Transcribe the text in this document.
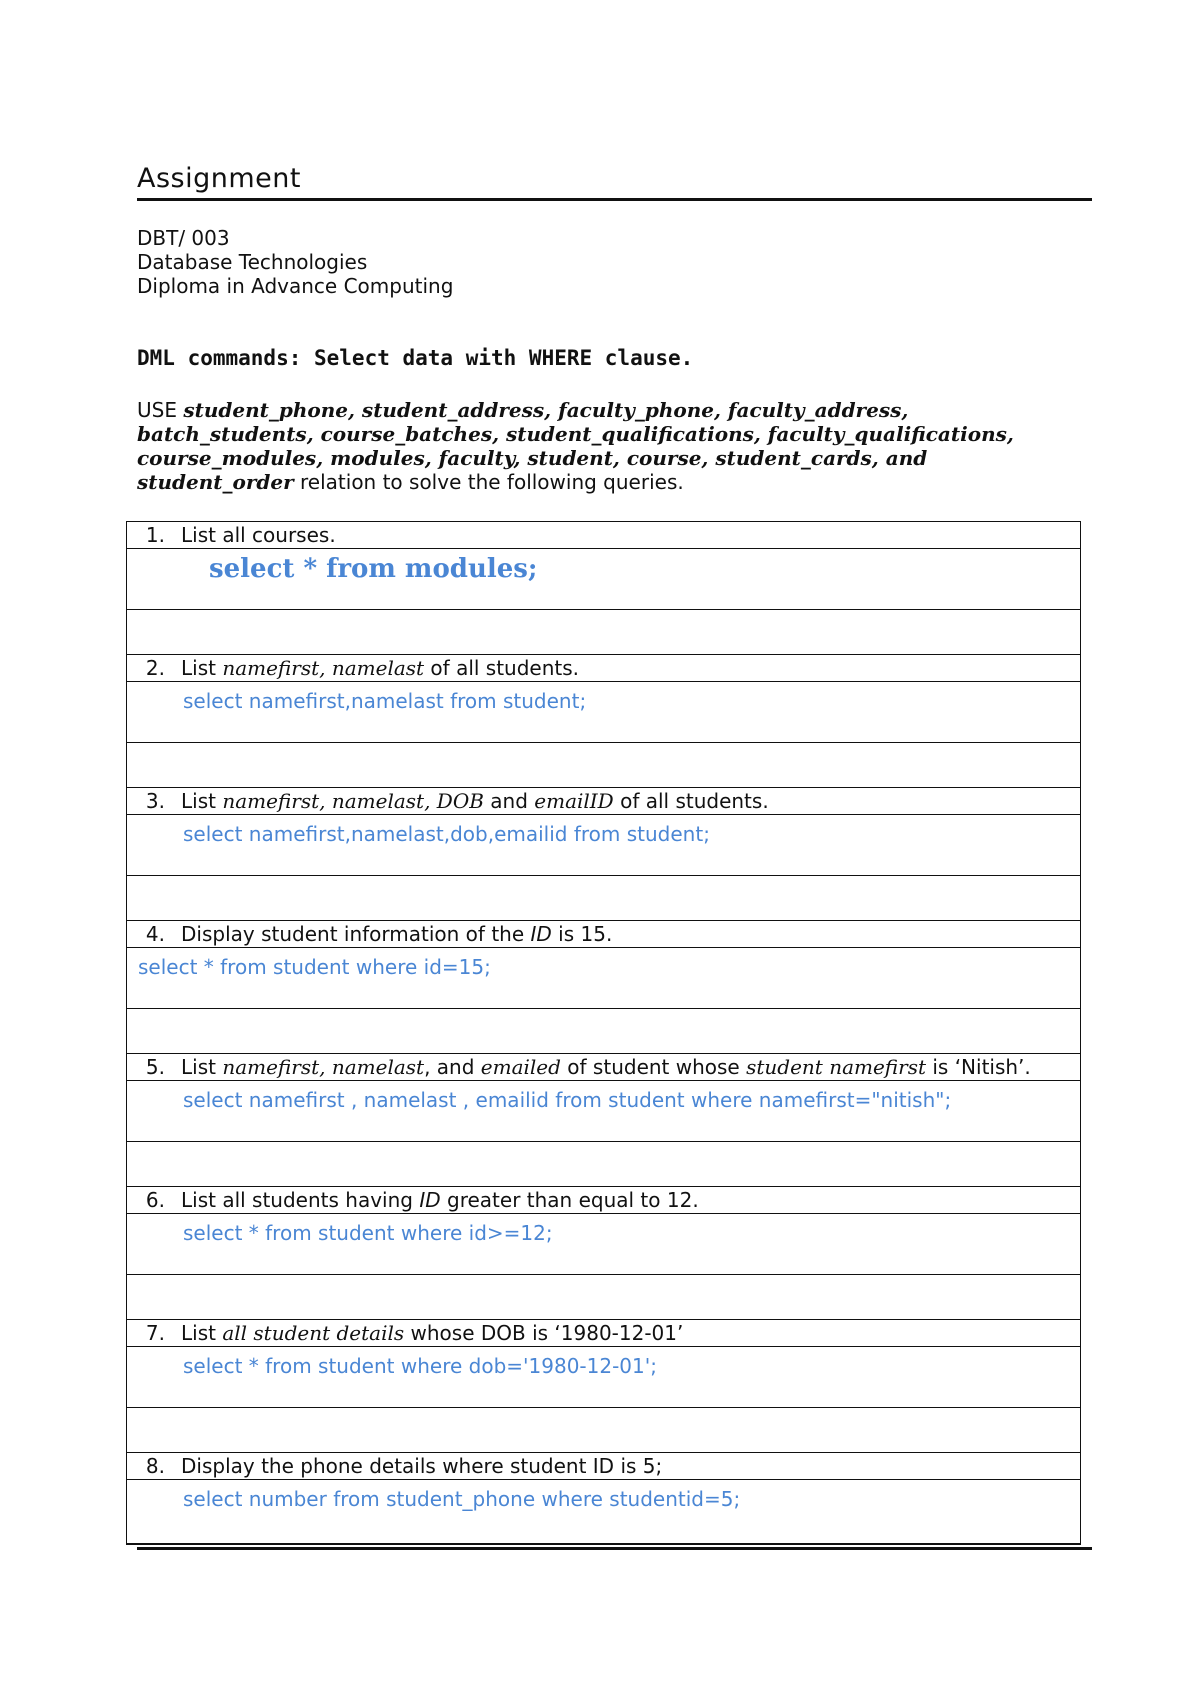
Assignment
DBT/ 003
Database Technologies
Diploma in Advance Computing
DML commands: Select data with WHERE clause.
USE student_phone, student_address, faculty_phone, faculty_address,
batch_students, course_batches, student_qualifications, faculty_qualifications,
course_modules, modules, faculty, student, course, student_cards, and
student_order relation to solve the following queries.
1. List all courses.
select * from modules;
2. List namefirst, namelast of all students.
select namefirst,namelast from student;
3. List namefirst, namelast, DOB and emailID of all students.
select namefirst,namelast,dob,emailid from student;
4. Display student information of the ID is 15.
select * from student where id=15;
5. List namefirst, namelast, and emailed of student whose student namefirst is ‘Nitish’.
select namefirst , namelast , emailid from student where namefirst="nitish";
6. List all students having ID greater than equal to 12.
select * from student where id>=12;
7. List all student details whose DOB is ‘1980-12-01’
select * from student where dob='1980-12-01';
8. Display the phone details where student ID is 5;
select number from student_phone where studentid=5;
